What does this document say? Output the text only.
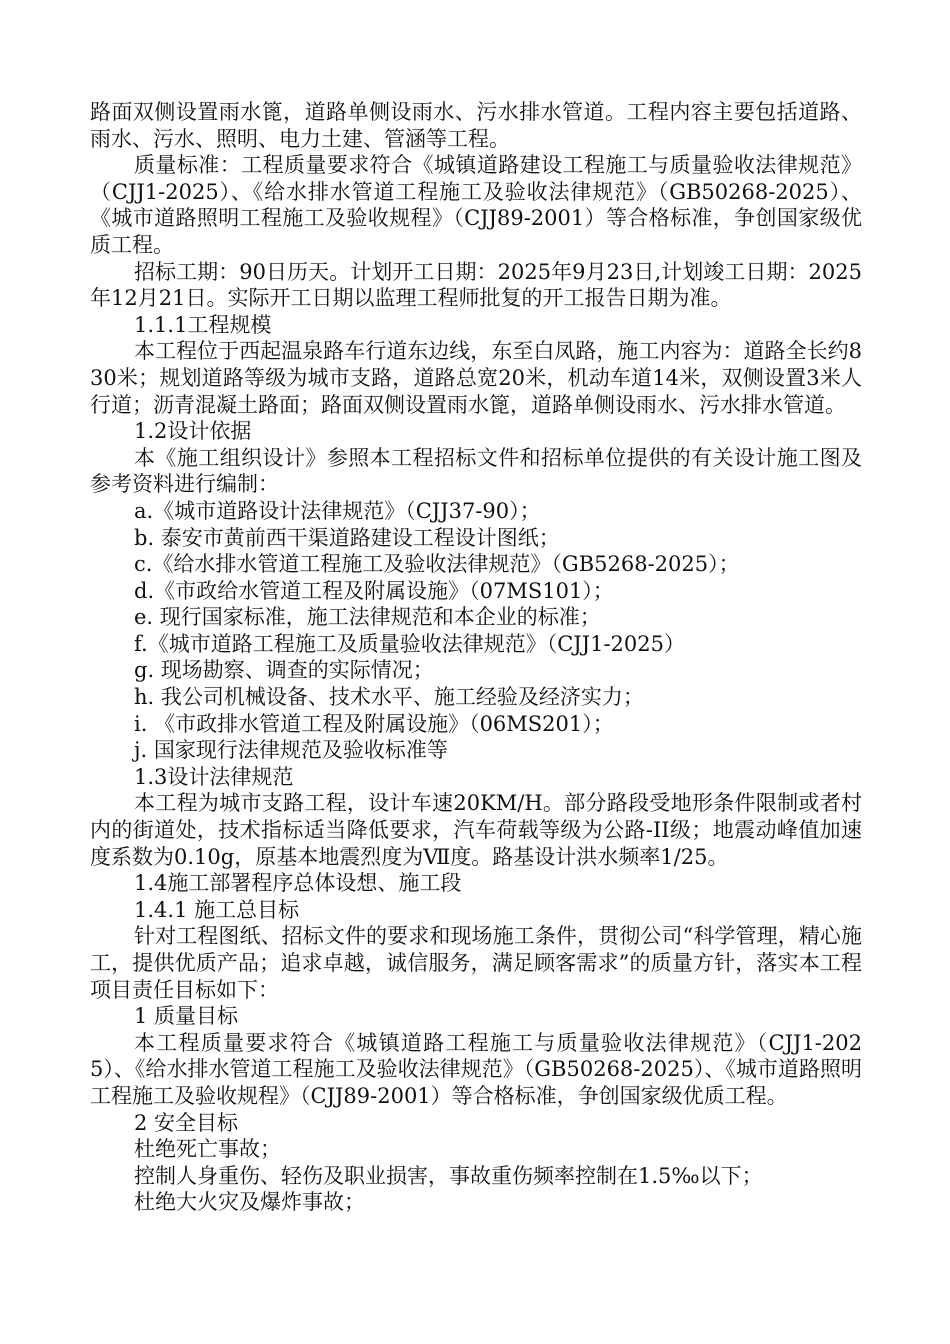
路面双侧设置雨水篦，道路单侧设雨水、污水排水管道。工程内容主要包括道路、雨水、污水、照明、电力土建、管涵等工程。

质量标准：工程质量要求符合《城镇道路建设工程施工与质量验收法律规范》（CJJ1-2025）、《给水排水管道工程施工及验收法律规范》（GB50268-2025）、《城市道路照明工程施工及验收规程》（CJJ89-2001）等合格标准，争创国家级优质工程。

招标工期：90日历天。计划开工日期：2025年9月23日,计划竣工日期：2025年12月21日。实际开工日期以监理工程师批复的开工报告日期为准。

1.1.1工程规模

本工程位于西起温泉路车行道东边线，东至白凤路，施工内容为：道路全长约830米；规划道路等级为城市支路，道路总宽20米，机动车道14米，双侧设置3米人行道；沥青混凝土路面；路面双侧设置雨水篦，道路单侧设雨水、污水排水管道。

1.2设计依据

本《施工组织设计》参照本工程招标文件和招标单位提供的有关设计施工图及参考资料进行编制：

a.《城市道路设计法律规范》（CJJ37-90）；

b. 泰安市黄前西干渠道路建设工程设计图纸；

c.《给水排水管道工程施工及验收法律规范》（GB5268-2025）；

d.《市政给水管道工程及附属设施》（07MS101）；

e. 现行国家标准，施工法律规范和本企业的标准；

f.《城市道路工程施工及质量验收法律规范》（CJJ1-2025）

g. 现场勘察、调查的实际情况；

h. 我公司机械设备、技术水平、施工经验及经济实力；

i. 《市政排水管道工程及附属设施》（06MS201）；

j. 国家现行法律规范及验收标准等

1.3设计法律规范

本工程为城市支路工程，设计车速20KM/H。部分路段受地形条件限制或者村内的街道处，技术指标适当降低要求，汽车荷载等级为公路-II级；地震动峰值加速度系数为0.10g，原基本地震烈度为Ⅶ度。路基设计洪水频率1/25。

1.4施工部署程序总体设想、施工段

1.4.1 施工总目标

针对工程图纸、招标文件的要求和现场施工条件，贯彻公司“科学管理，精心施工，提供优质产品；追求卓越，诚信服务，满足顾客需求”的质量方针，落实本工程项目责任目标如下：

1 质量目标

本工程质量要求符合《城镇道路工程施工与质量验收法律规范》（CJJ1-2025）、《给水排水管道工程施工及验收法律规范》（GB50268-2025）、《城市道路照明工程施工及验收规程》（CJJ89-2001）等合格标准，争创国家级优质工程。

2 安全目标

杜绝死亡事故；

控制人身重伤、轻伤及职业损害，事故重伤频率控制在1.5‰以下；

杜绝大火灾及爆炸事故；
